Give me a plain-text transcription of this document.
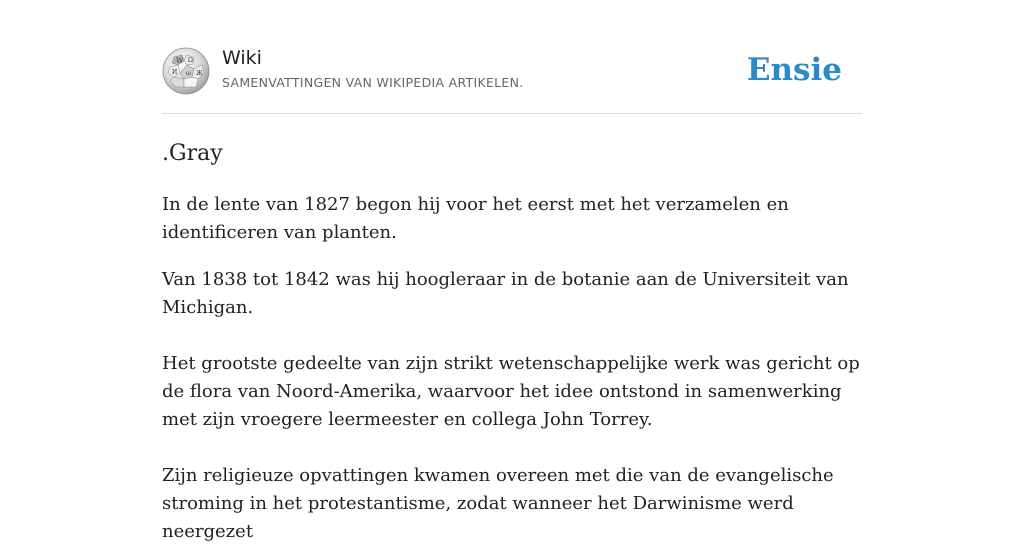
W Ω
И ω Ж
Wiki
SAMENVATTINGEN VAN WIKIPEDIA ARTIKELEN.	Ensie
.Gray

In de lente van 1827 begon hij voor het eerst met het verzamelen en identificeren van planten.

Van 1838 tot 1842 was hij hoogleraar in de botanie aan de Universiteit van Michigan.

Het grootste gedeelte van zijn strikt wetenschappelijke werk was gericht op de flora van Noord-Amerika, waarvoor het idee ontstond in samenwerking met zijn vroegere leermeester en collega John Torrey.

Zijn religieuze opvattingen kwamen overeen met die van de evangelische stroming in het protestantisme, zodat wanneer het Darwinisme werd neergezet
